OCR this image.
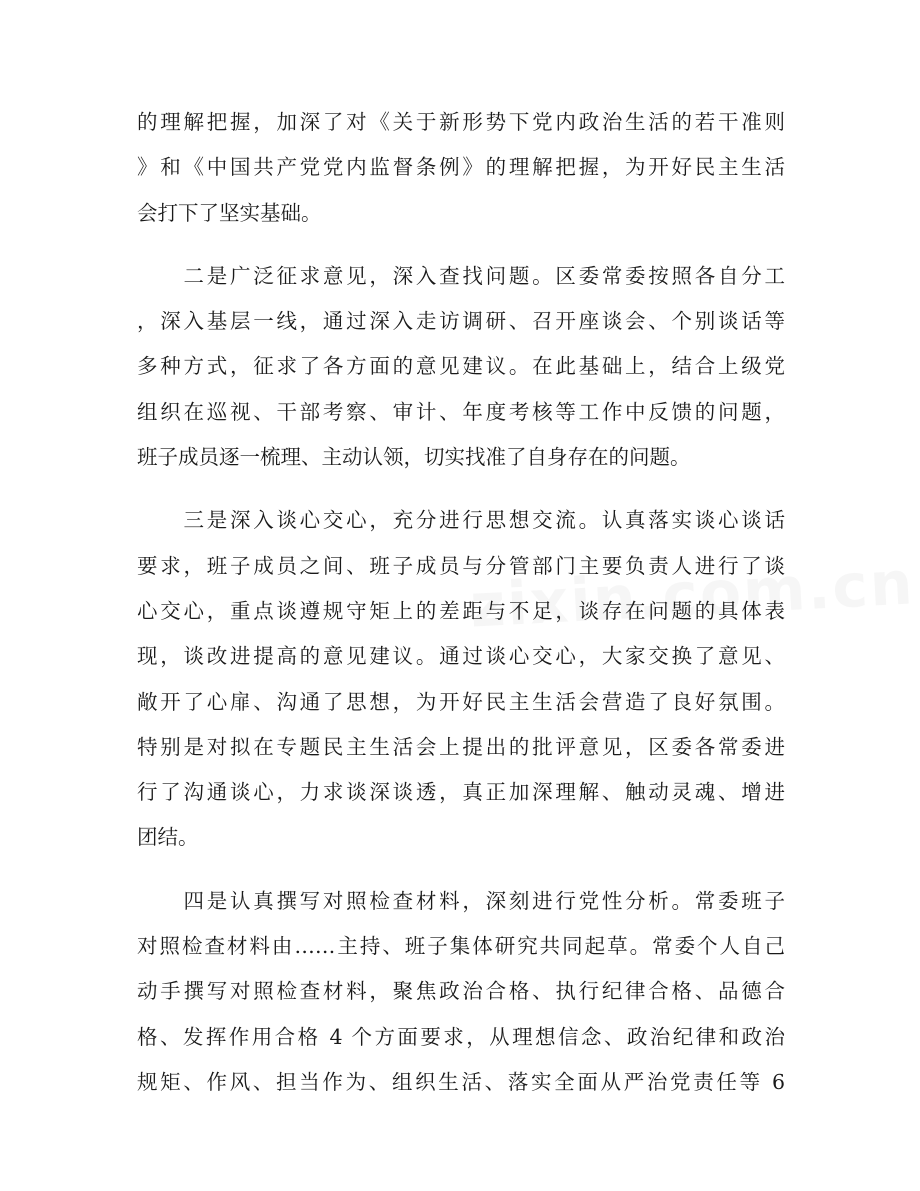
的理解把握，加深了对《关于新形势下党内政治生活的若干准则
》和《中国共产党党内监督条例》的理解把握，为开好民主生活
会打下了坚实基础。
　　二是广泛征求意见，深入查找问题。区委常委按照各自分工
，深入基层一线，通过深入走访调研、召开座谈会、个别谈话等
多种方式，征求了各方面的意见建议。在此基础上，结合上级党
组织在巡视、干部考察、审计、年度考核等工作中反馈的问题，
班子成员逐一梳理、主动认领，切实找准了自身存在的问题。
　　三是深入谈心交心，充分进行思想交流。认真落实谈心谈话
要求，班子成员之间、班子成员与分管部门主要负责人进行了谈
心交心，重点谈遵规守矩上的差距与不足，谈存在问题的具体表
现，谈改进提高的意见建议。通过谈心交心，大家交换了意见、
敞开了心扉、沟通了思想，为开好民主生活会营造了良好氛围。
特别是对拟在专题民主生活会上提出的批评意见，区委各常委进
行了沟通谈心，力求谈深谈透，真正加深理解、触动灵魂、增进
团结。
　　四是认真撰写对照检查材料，深刻进行党性分析。常委班子
对照检查材料由……主持、班子集体研究共同起草。常委个人自己
动手撰写对照检查材料，聚焦政治合格、执行纪律合格、品德合
格、发挥作用合格 4 个方面要求，从理想信念、政治纪律和政治
规矩、作风、担当作为、组织生活、落实全面从严治党责任等 6
